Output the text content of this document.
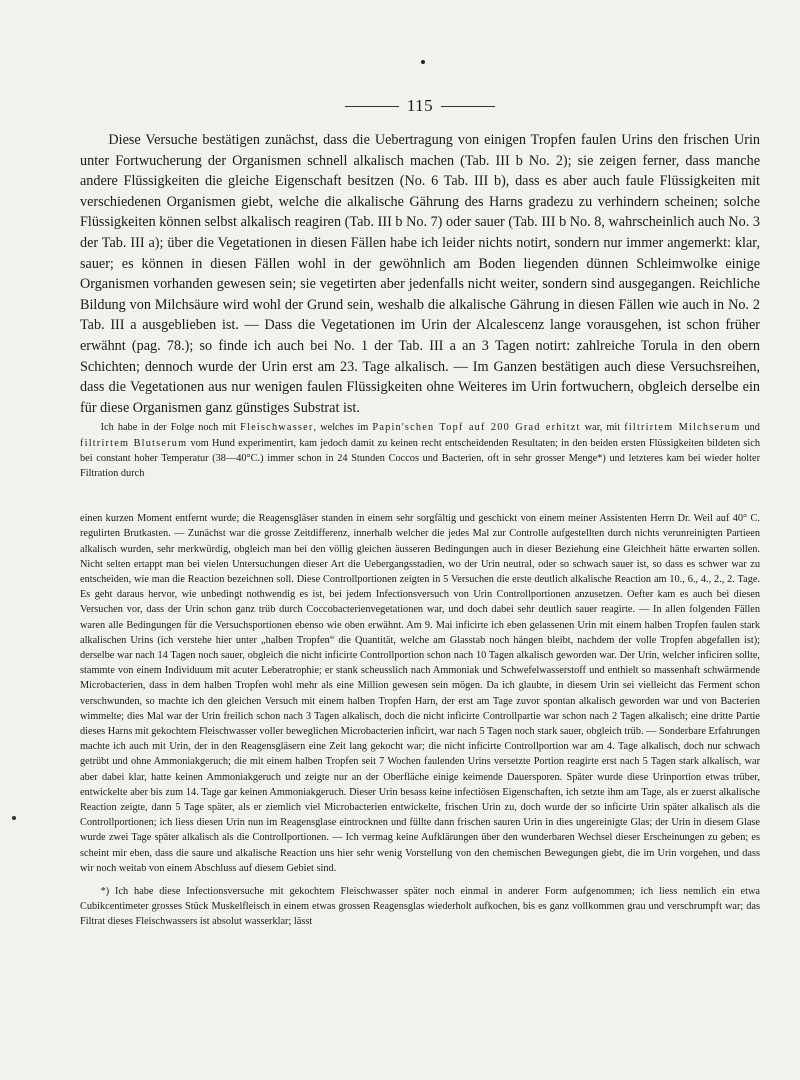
115

Diese Versuche bestätigen zunächst, dass die Uebertragung von einigen Tropfen faulen Urins den frischen Urin unter Fortwucherung der Organismen schnell alkalisch machen (Tab. III b No. 2); sie zeigen ferner, dass manche andere Flüssigkeiten die gleiche Eigenschaft besitzen (No. 6 Tab. III b), dass es aber auch faule Flüssigkeiten mit verschiedenen Organismen giebt, welche die alkalische Gährung des Harns gradezu zu verhindern scheinen; solche Flüssigkeiten können selbst alkalisch reagiren (Tab. III b No. 7) oder sauer (Tab. III b No. 8, wahrscheinlich auch No. 3 der Tab. III a); über die Vegetationen in diesen Fällen habe ich leider nichts notirt, sondern nur immer angemerkt: klar, sauer; es können in diesen Fällen wohl in der gewöhnlich am Boden liegenden dünnen Schleimwolke einige Organismen vorhanden gewesen sein; sie vegetirten aber jedenfalls nicht weiter, sondern sind ausgegangen. Reichliche Bildung von Milchsäure wird wohl der Grund sein, weshalb die alkalische Gährung in diesen Fällen wie auch in No. 2 Tab. III a ausgeblieben ist. — Dass die Vegetationen im Urin der Alcalescenz lange vorausgehen, ist schon früher erwähnt (pag. 78.); so finde ich auch bei No. 1 der Tab. III a an 3 Tagen notirt: zahlreiche Torula in den obern Schichten; dennoch wurde der Urin erst am 23. Tage alkalisch. — Im Ganzen bestätigen auch diese Versuchsreihen, dass die Vegetationen aus nur wenigen faulen Flüssigkeiten ohne Weiteres im Urin fortwuchern, obgleich derselbe ein für diese Organismen ganz günstiges Substrat ist.

Ich habe in der Folge noch mit Fleischwasser, welches im Papin'schen Topf auf 200 Grad erhitzt war, mit filtrirtem Milchserum und filtrirtem Blutserum vom Hund experimentirt, kam jedoch damit zu keinen recht entscheidenden Resultaten; in den beiden ersten Flüssigkeiten bildeten sich bei constant hoher Temperatur (38—40°C.) immer schon in 24 Stunden Coccos und Bacterien, oft in sehr grosser Menge*) und letzteres kam bei wieder holter Filtration durch

einen kurzen Moment entfernt wurde; die Reagensgläser standen in einem sehr sorgfältig und geschickt von einem meiner Assistenten Herrn Dr. Weil auf 40° C. regulirten Brutkasten. — Zunächst war die grosse Zeitdifferenz, innerhalb welcher die jedes Mal zur Controlle aufgestellten durch nichts verunreinigten Partieen alkalisch wurden, sehr merkwürdig, obgleich man bei den völlig gleichen äusseren Bedingungen auch in dieser Beziehung eine Gleichheit hätte erwarten sollen. Nicht selten ertappt man bei vielen Untersuchungen dieser Art die Uebergangsstadien, wo der Urin neutral, oder so schwach sauer ist, so dass es schwer war zu entscheiden, wie man die Reaction bezeichnen soll. Diese Controllportionen zeigten in 5 Versuchen die erste deutlich alkalische Reaction am 10., 6., 4., 2., 2. Tage. Es geht daraus hervor, wie unbedingt nothwendig es ist, bei jedem Infectionsversuch von Urin Controllportionen anzusetzen. Oefter kam es auch bei diesen Versuchen vor, dass der Urin schon ganz trüb durch Coccobacterienvegetationen war, und doch dabei sehr deutlich sauer reagirte. — In allen folgenden Fällen waren alle Bedingungen für die Versuchsportionen ebenso wie oben erwähnt. Am 9. Mai inficirte ich eben gelassenen Urin mit einem halben Tropfen faulen stark alkalischen Urins (ich verstehe hier unter „halben Tropfen“ die Quantität, welche am Glasstab noch hängen bleibt, nachdem der volle Tropfen abgefallen ist); derselbe war nach 14 Tagen noch sauer, obgleich die nicht inficirte Controllportion schon nach 10 Tagen alkalisch geworden war. Der Urin, welcher inficiren sollte, stammte von einem Individuum mit acuter Leberatrophie; er stank scheusslich nach Ammoniak und Schwefelwasserstoff und enthielt so massenhaft schwärmende Microbacterien, dass in dem halben Tropfen wohl mehr als eine Million gewesen sein mögen. Da ich glaubte, in diesem Urin sei vielleicht das Ferment schon verschwunden, so machte ich den gleichen Versuch mit einem halben Tropfen Harn, der erst am Tage zuvor spontan alkalisch geworden war und von Bacterien wimmelte; dies Mal war der Urin freilich schon nach 3 Tagen alkalisch, doch die nicht inficirte Controllpartie war schon nach 2 Tagen alkalisch; eine dritte Partie dieses Harns mit gekochtem Fleischwasser voller beweglichen Microbacterien inficirt, war nach 5 Tagen noch stark sauer, obgleich trüb. — Sonderbare Erfahrungen machte ich auch mit Urin, der in den Reagensgläsern eine Zeit lang gekocht war; die nicht inficirte Controllportion war am 4. Tage alkalisch, doch nur schwach getrübt und ohne Ammoniakgeruch; die mit einem halben Tropfen seit 7 Wochen faulenden Urins versetzte Portion reagirte erst nach 5 Tagen stark alkalisch, war aber dabei klar, hatte keinen Ammoniakgeruch und zeigte nur an der Oberfläche einige keimende Dauersporen. Später wurde diese Urinportion etwas trüber, entwickelte aber bis zum 14. Tage gar keinen Ammoniakgeruch. Dieser Urin besass keine infectiösen Eigenschaften, ich setzte ihm am Tage, als er zuerst alkalische Reaction zeigte, dann 5 Tage später, als er ziemlich viel Microbacterien entwickelte, frischen Urin zu, doch wurde der so inficirte Urin später alkalisch als die Controllportionen; ich liess diesen Urin nun im Reagensglase eintrocknen und füllte dann frischen sauren Urin in dies ungereinigte Glas; der Urin in diesem Glase wurde zwei Tage später alkalisch als die Controllportionen. — Ich vermag keine Aufklärungen über den wunderbaren Wechsel dieser Erscheinungen zu geben; es scheint mir eben, dass die saure und alkalische Reaction uns hier sehr wenig Vorstellung von den chemischen Bewegungen giebt, die im Urin vorgehen, und dass wir noch weitab von einem Abschluss auf diesem Gebiet sind.

*) Ich habe diese Infectionsversuche mit gekochtem Fleischwasser später noch einmal in anderer Form aufgenommen; ich liess nemlich ein etwa Cubikcentimeter grosses Stück Muskelfleisch in einem etwas grossen Reagensglas wiederholt aufkochen, bis es ganz vollkommen grau und verschrumpft war; das Filtrat dieses Fleischwassers ist absolut wasserklar; lässt
